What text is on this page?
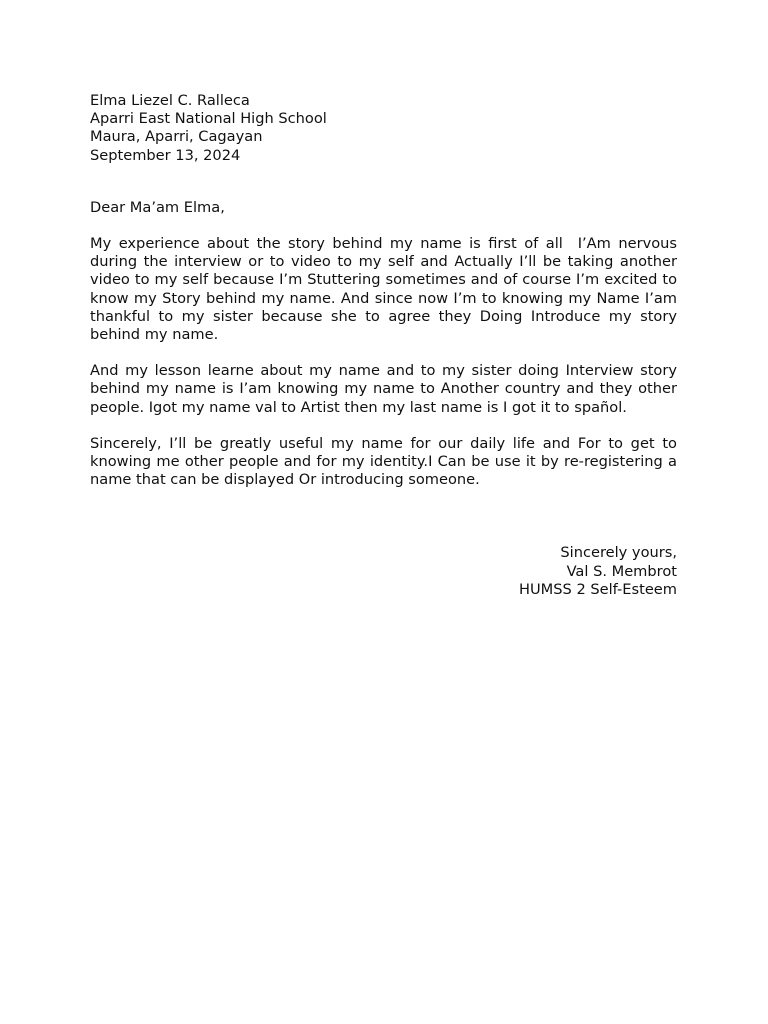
Elma Liezel C. Ralleca
Aparri East National High School
Maura, Aparri, Cagayan
September 13, 2024
Dear Ma’am Elma,

My experience about the story behind my name is first of all  I’Am nervous during the interview or to video to my self and Actually I’ll be taking another video to my self because I’m Stuttering sometimes and of course I’m excited to know my Story behind my name. And since now I’m to knowing my Name I’am thankful to my sister because she to agree they Doing Introduce my story behind my name.

And my lesson learne about my name and to my sister doing Interview story behind my name is I’am knowing my name to Another country and they other people. Igot my name val to Artist then my last name is I got it to spañol.

Sincerely, I’ll be greatly useful my name for our daily life and For to get to knowing me other people and for my identity.I Can be use it by re-registering a name that can be displayed Or introducing someone.

Sincerely yours,
Val S. Membrot
HUMSS 2 Self-Esteem
